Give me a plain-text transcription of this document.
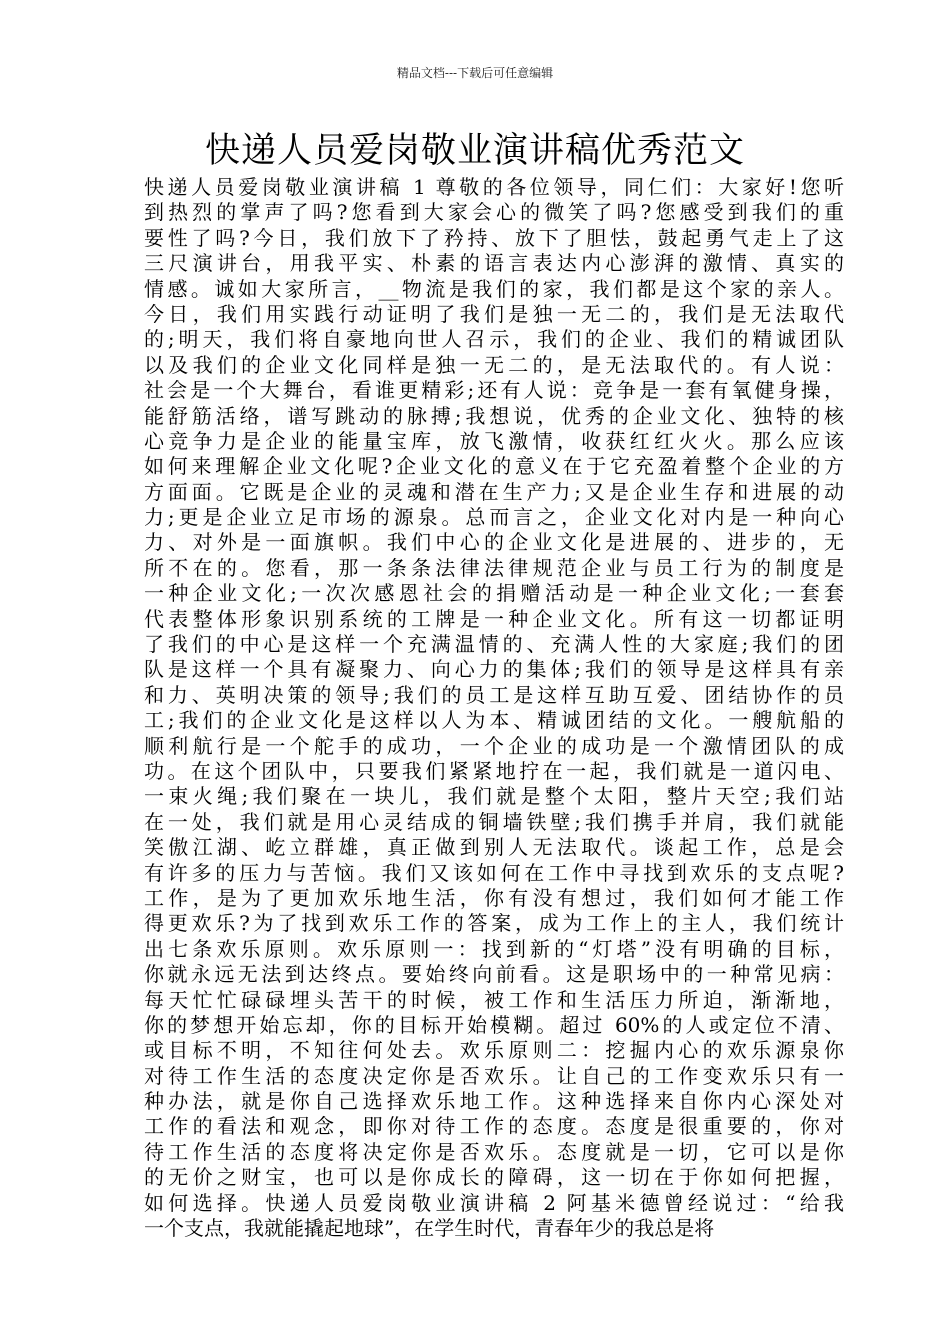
精品文档---下载后可任意编辑
快递人员爱岗敬业演讲稿优秀范文
快递人员爱岗敬业演讲稿 1 尊敬的各位领导，同仁们：大家好!您听
到热烈的掌声了吗?您看到大家会心的微笑了吗?您感受到我们的重
要性了吗?今日，我们放下了矜持、放下了胆怯，鼓起勇气走上了这
三尺演讲台，用我平实、朴素的语言表达内心澎湃的激情、真实的
情感。诚如大家所言，__物流是我们的家，我们都是这个家的亲人。
今日，我们用实践行动证明了我们是独一无二的，我们是无法取代
的;明天，我们将自豪地向世人召示，我们的企业、我们的精诚团队
以及我们的企业文化同样是独一无二的，是无法取代的。有人说：
社会是一个大舞台，看谁更精彩;还有人说：竞争是一套有氧健身操，
能舒筋活络，谱写跳动的脉搏;我想说，优秀的企业文化、独特的核
心竞争力是企业的能量宝库，放飞激情，收获红红火火。那么应该
如何来理解企业文化呢?企业文化的意义在于它充盈着整个企业的方
方面面。它既是企业的灵魂和潜在生产力;又是企业生存和进展的动
力;更是企业立足市场的源泉。总而言之，企业文化对内是一种向心
力、对外是一面旗帜。我们中心的企业文化是进展的、进步的，无
所不在的。您看，那一条条法律法律规范企业与员工行为的制度是
一种企业文化;一次次感恩社会的捐赠活动是一种企业文化;一套套
代表整体形象识别系统的工牌是一种企业文化。所有这一切都证明
了我们的中心是这样一个充满温情的、充满人性的大家庭;我们的团
队是这样一个具有凝聚力、向心力的集体;我们的领导是这样具有亲
和力、英明决策的领导;我们的员工是这样互助互爱、团结协作的员
工;我们的企业文化是这样以人为本、精诚团结的文化。一艘航船的
顺利航行是一个舵手的成功，一个企业的成功是一个激情团队的成
功。在这个团队中，只要我们紧紧地拧在一起，我们就是一道闪电、
一束火绳;我们聚在一块儿，我们就是整个太阳，整片天空;我们站
在一处，我们就是用心灵结成的铜墙铁壁;我们携手并肩，我们就能
笑傲江湖、屹立群雄，真正做到别人无法取代。谈起工作，总是会
有许多的压力与苦恼。我们又该如何在工作中寻找到欢乐的支点呢?
工作，是为了更加欢乐地生活，你有没有想过，我们如何才能工作
得更欢乐?为了找到欢乐工作的答案，成为工作上的主人，我们统计
出七条欢乐原则。欢乐原则一：找到新的“灯塔”没有明确的目标，
你就永远无法到达终点。要始终向前看。这是职场中的一种常见病：
每天忙忙碌碌埋头苦干的时候，被工作和生活压力所迫，渐渐地，
你的梦想开始忘却，你的目标开始模糊。超过 60%的人或定位不清、
或目标不明，不知往何处去。欢乐原则二：挖掘内心的欢乐源泉你
对待工作生活的态度决定你是否欢乐。让自己的工作变欢乐只有一
种办法，就是你自己选择欢乐地工作。这种选择来自你内心深处对
工作的看法和观念，即你对待工作的态度。态度是很重要的，你对
待工作生活的态度将决定你是否欢乐。态度就是一切，它可以是你
的无价之财宝，也可以是你成长的障碍，这一切在于你如何把握，
如何选择。快递人员爱岗敬业演讲稿 2 阿基米德曾经说过：“给我
一个支点，我就能撬起地球”，在学生时代，青春年少的我总是将
